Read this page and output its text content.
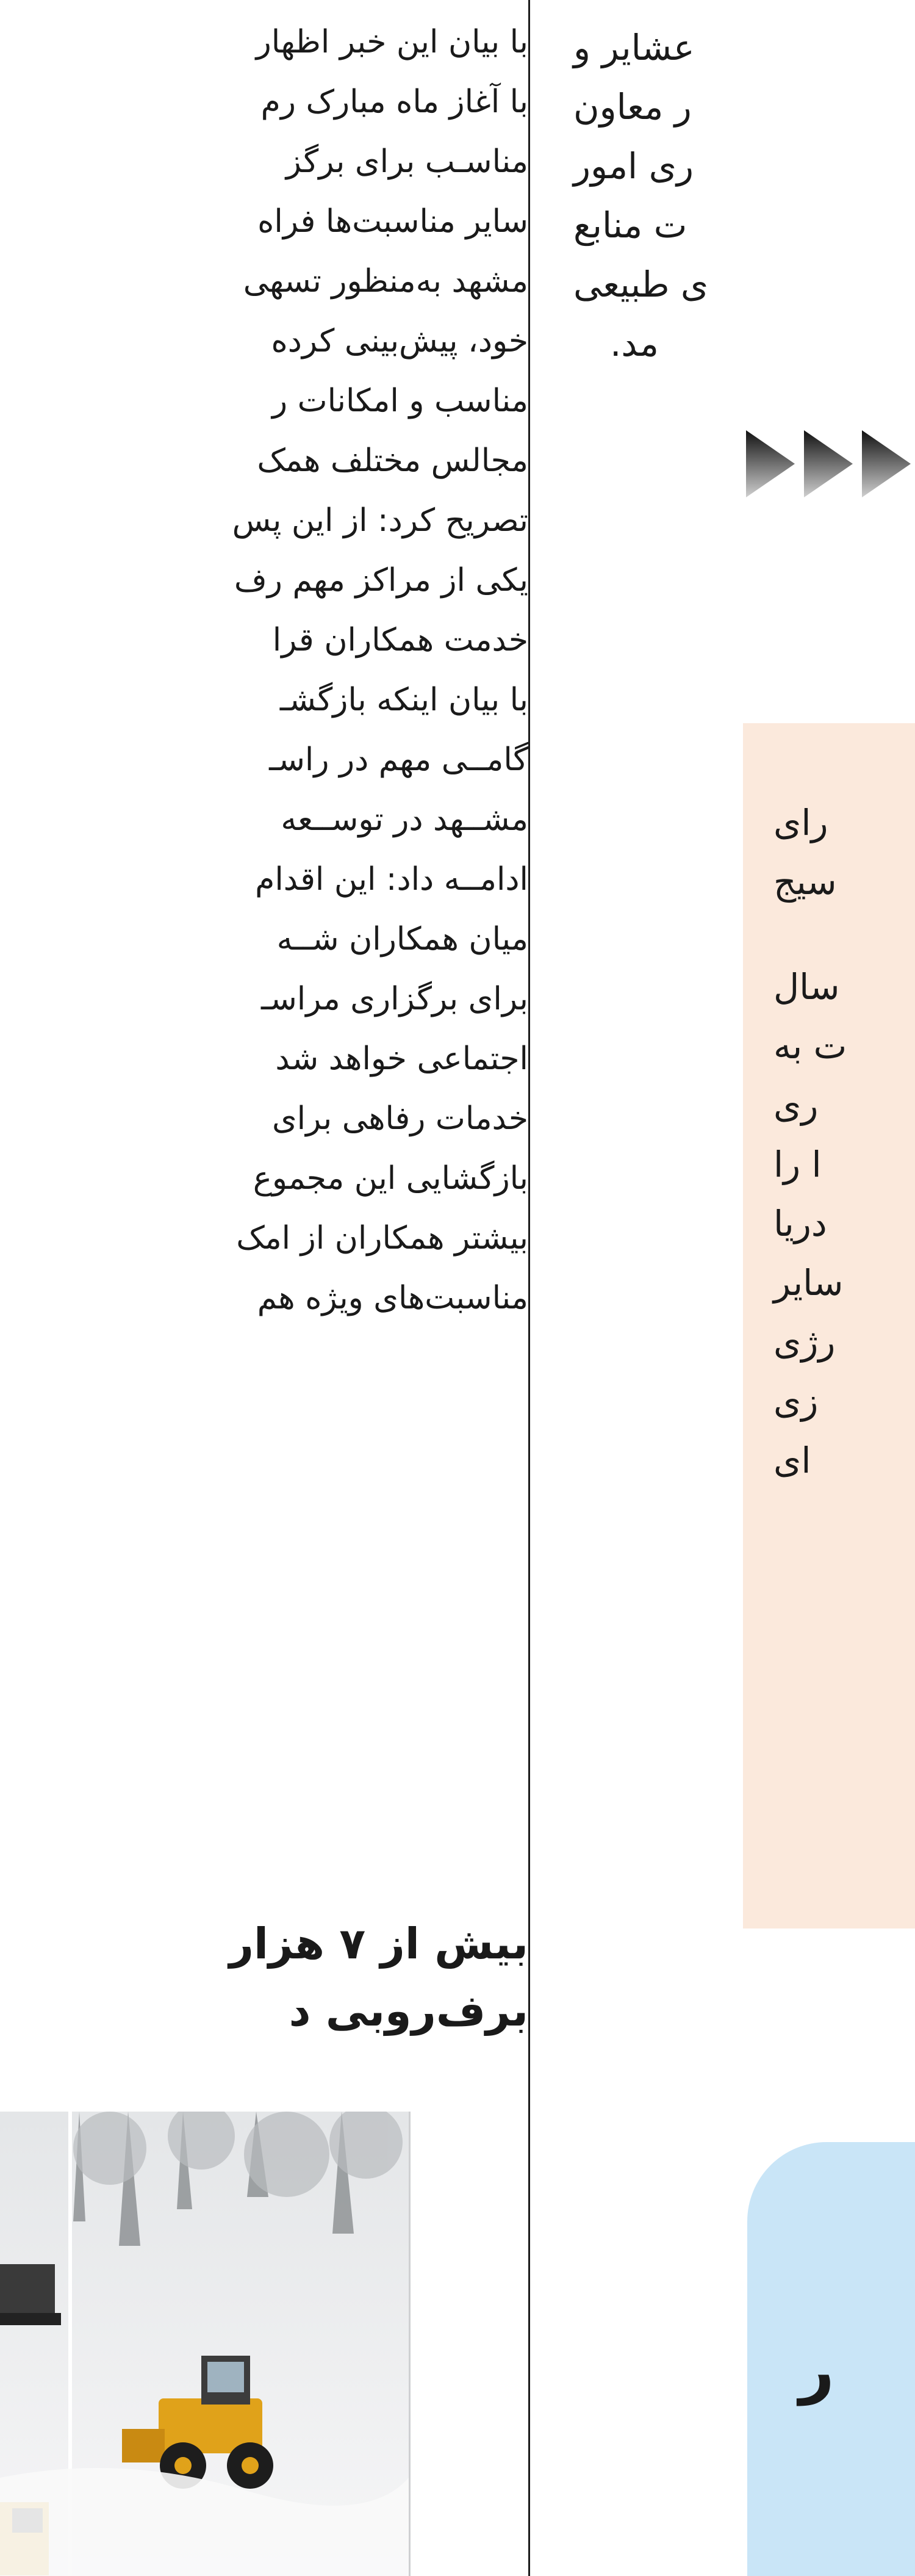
عشایر و
ر معاون
ری امور
ت منابع
ی طبیعی
مد.
رای
سیج
سال
ت به
ری
ا را
دریا
سایر
رژی
زی
ای
ر
با بیان این خبر اظهار
با آغاز ماه مبارک رم
مناسـب برای برگز
سایر مناسبت‌ها فراه
مشهد به‌منظور تسهی
خود، پیش‌بینی کرده
مناسب و امکانات ر
مجالس مختلف همک
تصریح کرد: از این پس
یکی از مراکز مهم رف
خدمت همکاران قرا
با بیان اینکه بازگشـ
گامــی مهم در راسـ
مشــهد در توســعه
ادامــه داد: این اقدام
میان همکاران شــه
برای برگزاری مراسـ
اجتماعی خواهد شد
خدمات رفاهی برای
بازگشایی این مجموع
بیشتر همکاران از امک
مناسبت‌های ویژه هم
بیش از ۷ هزار
برف‌روبی د
